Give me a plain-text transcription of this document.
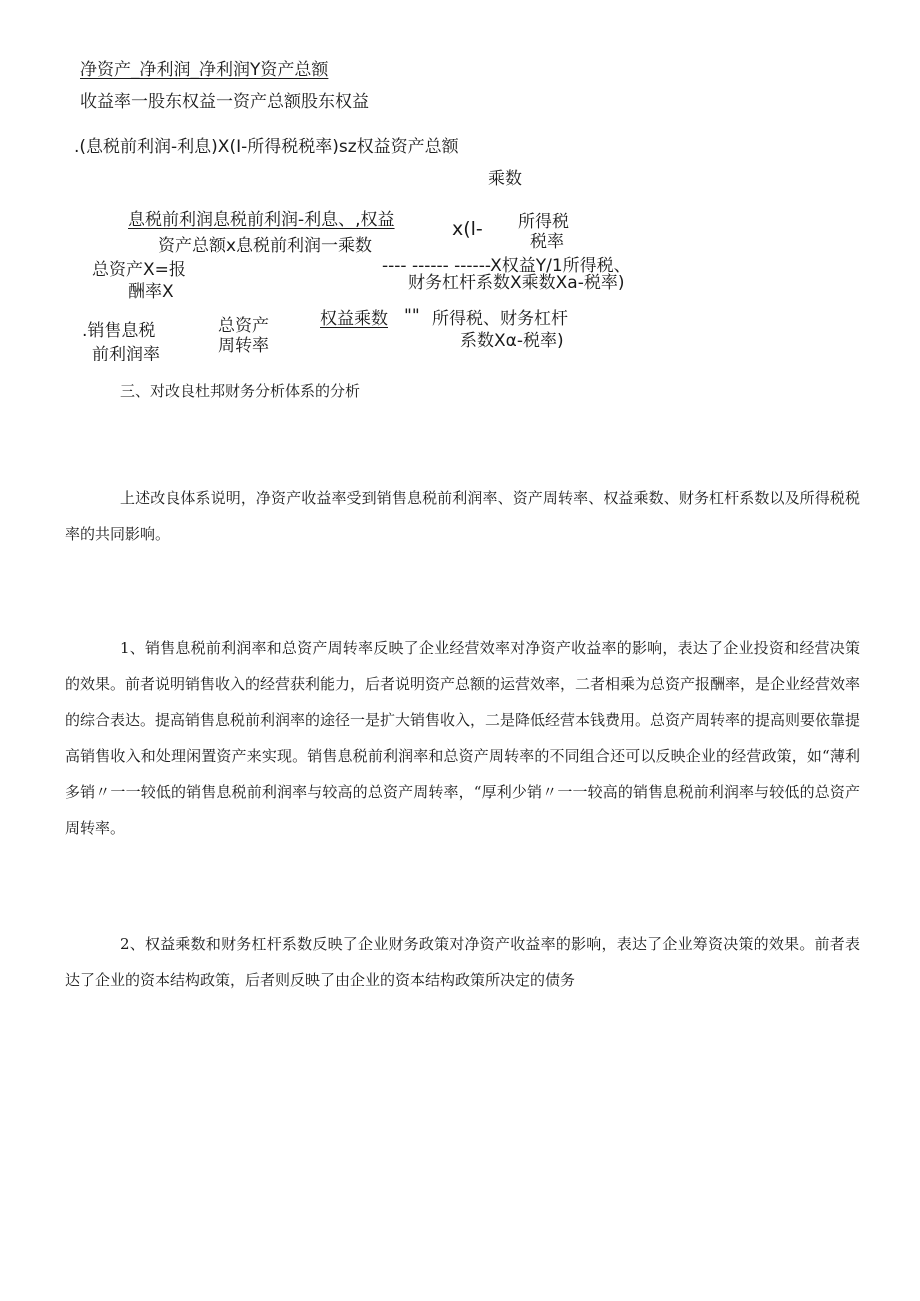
净资产_净利润_净利润Y资产总额
收益率一股东权益一资产总额股东权益
.(息税前利润-利息)X(I-所得税税率)sz权益资产总额
乘数
息税前利润息税前利润-利息、,权益
资产总额x息税前利润一乘数
x(l- 所得税
税率
总资产X=报
酬率X
---- ------ ------X权益Y/1所得税、
财务杠杆系数X乘数Xa-税率)
.销售息税
前利润率
总资产
周转率
权益乘数 "" 所得税、财务杠杆
系数Xα-税率)
三、对改良杜邦财务分析体系的分析

上述改良体系说明，净资产收益率受到销售息税前利润率、资产周转率、权益乘数、财务杠杆系数以及所得税税率的共同影响。

1、销售息税前利润率和总资产周转率反映了企业经营效率对净资产收益率的影响，表达了企业投资和经营决策的效果。前者说明销售收入的经营获利能力，后者说明资产总额的运营效率，二者相乘为总资产报酬率，是企业经营效率的综合表达。提高销售息税前利润率的途径一是扩大销售收入，二是降低经营本钱费用。总资产周转率的提高则要依靠提高销售收入和处理闲置资产来实现。销售息税前利润率和总资产周转率的不同组合还可以反映企业的经营政策，如“薄利多销〃一一较低的销售息税前利润率与较高的总资产周转率，“厚利少销〃一一较高的销售息税前利润率与较低的总资产周转率。

2、权益乘数和财务杠杆系数反映了企业财务政策对净资产收益率的影响，表达了企业筹资决策的效果。前者表达了企业的资本结构政策，后者则反映了由企业的资本结构政策所决定的债务
